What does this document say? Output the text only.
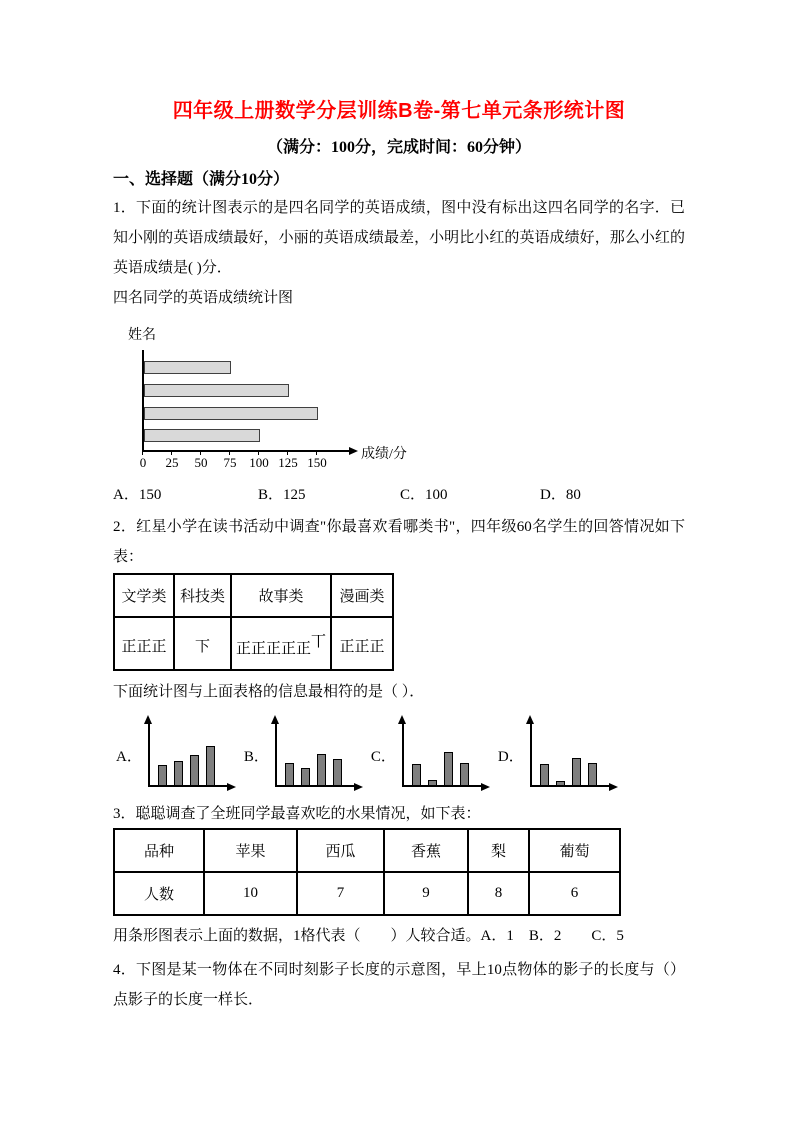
四年级上册数学分层训练B卷-第七单元条形统计图
（满分：100分，完成时间：60分钟）
一、选择题（满分10分）

1．下面的统计图表示的是四名同学的英语成绩，图中没有标出这四名同学的名字．已知小刚的英语成绩最好，小丽的英语成绩最差，小明比小红的英语成绩好，那么小红的英语成绩是( )分．

四名同学的英语成绩统计图

姓名
成绩/分
0 25 50 75 100 125 150
A．150	B．125	C．100	D．80

2．红星小学在读书活动中调查"你最喜欢看哪类书"，四年级60名学生的回答情况如下表：

文学类	科技类	故事类	漫画类
正正正	下	正正正正正丅	正正正

下面统计图与上面表格的信息最相符的是（ ）．

A．	B．	C．	D．

3．聪聪调查了全班同学最喜欢吃的水果情况，如下表：

品种	苹果	西瓜	香蕉	梨	葡萄
人数	10	7	9	8	6

用条形图表示上面的数据，1格代表（　　）人较合适。A．1　B．2　　C．5

4．下图是某一物体在不同时刻影子长度的示意图，早上10点物体的影子的长度与（）点影子的长度一样长．
